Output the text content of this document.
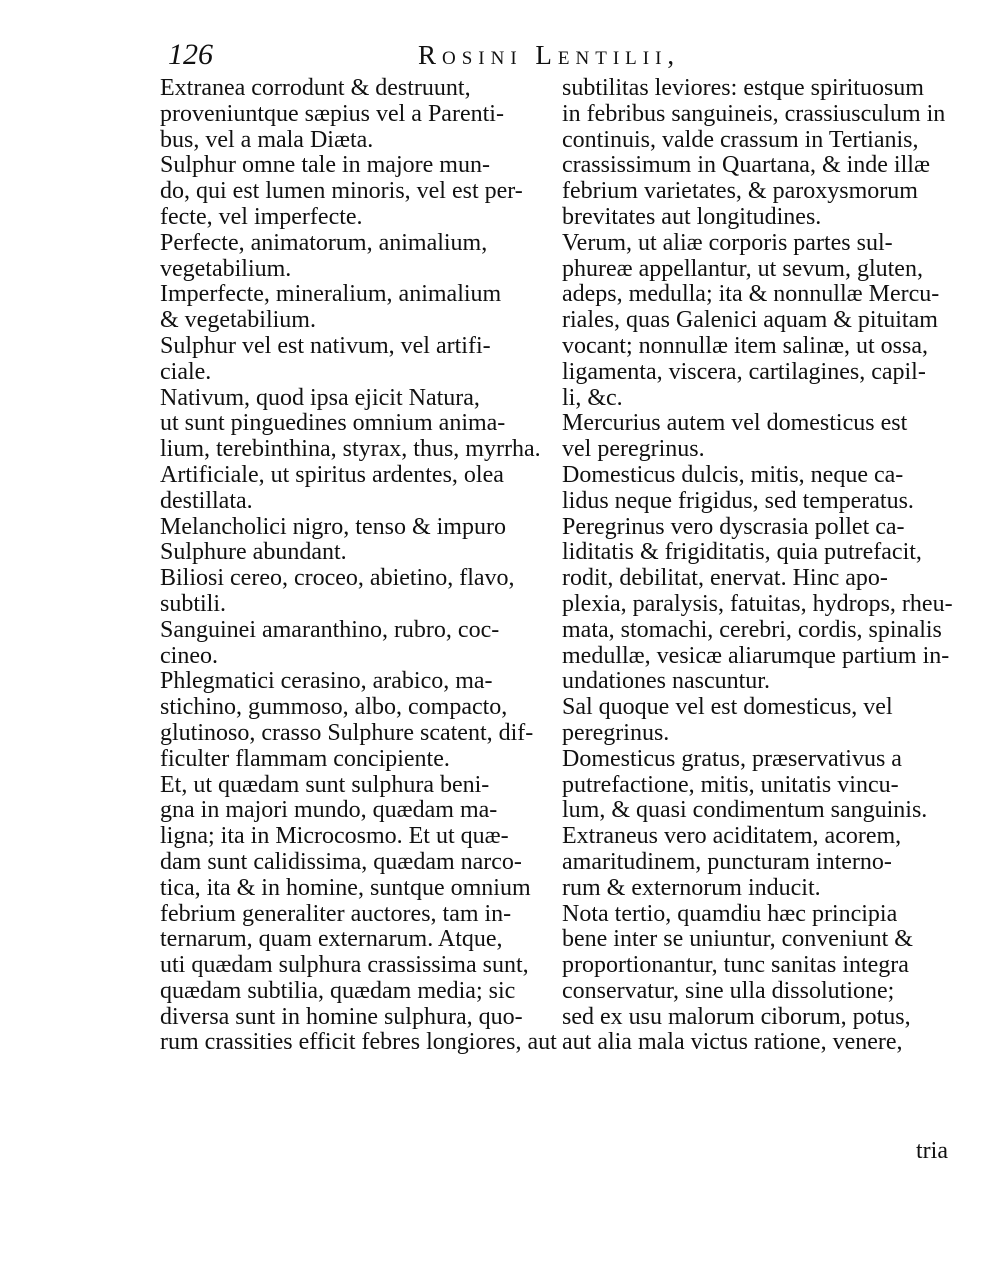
126	Rosini Lentilii,
Extranea corrodunt & destruunt,
proveniuntque sæpius vel a Parenti-
bus, vel a mala Diæta.
Sulphur omne tale in majore mun-
do, qui est lumen minoris, vel est per-
fecte, vel imperfecte.
Perfecte, animatorum, animalium,
vegetabilium.
Imperfecte, mineralium, animalium
& vegetabilium.
Sulphur vel est nativum, vel artifi-
ciale.
Nativum, quod ipsa ejicit Natura,
ut sunt pinguedines omnium anima-
lium, terebinthina, styrax, thus, myrrha.
Artificiale, ut spiritus ardentes, olea
destillata.
Melancholici nigro, tenso & impuro
Sulphure abundant.
Biliosi cereo, croceo, abietino, flavo,
subtili.
Sanguinei amaranthino, rubro, coc-
cineo.
Phlegmatici cerasino, arabico, ma-
stichino, gummoso, albo, compacto,
glutinoso, crasso Sulphure scatent, dif-
ficulter flammam concipiente.
Et, ut quædam sunt sulphura beni-
gna in majori mundo, quædam ma-
ligna; ita in Microcosmo. Et ut quæ-
dam sunt calidissima, quædam narco-
tica, ita & in homine, suntque omnium
febrium generaliter auctores, tam in-
ternarum, quam externarum. Atque,
uti quædam sulphura crassissima sunt,
quædam subtilia, quædam media; sic
diversa sunt in homine sulphura, quo-
rum crassities efficit febres longiores, aut
subtilitas leviores: estque spirituosum
in febribus sanguineis, crassiusculum in
continuis, valde crassum in Tertianis,
crassissimum in Quartana, & inde illæ
febrium varietates, & paroxysmorum
brevitates aut longitudines.
Verum, ut aliæ corporis partes sul-
phureæ appellantur, ut sevum, gluten,
adeps, medulla; ita & nonnullæ Mercu-
riales, quas Galenici aquam & pituitam
vocant; nonnullæ item salinæ, ut ossa,
ligamenta, viscera, cartilagines, capil-
li, &c.
Mercurius autem vel domesticus est
vel peregrinus.
Domesticus dulcis, mitis, neque ca-
lidus neque frigidus, sed temperatus.
Peregrinus vero dyscrasia pollet ca-
liditatis & frigiditatis, quia putrefacit,
rodit, debilitat, enervat. Hinc apo-
plexia, paralysis, fatuitas, hydrops, rheu-
mata, stomachi, cerebri, cordis, spinalis
medullæ, vesicæ aliarumque partium in-
undationes nascuntur.
Sal quoque vel est domesticus, vel
peregrinus.
Domesticus gratus, præservativus a
putrefactione, mitis, unitatis vincu-
lum, & quasi condimentum sanguinis.
Extraneus vero aciditatem, acorem,
amaritudinem, puncturam interno-
rum & externorum inducit.
Nota tertio, quamdiu hæc principia
bene inter se uniuntur, conveniunt &
proportionantur, tunc sanitas integra
conservatur, sine ulla dissolutione;
sed ex usu malorum ciborum, potus,
aut alia mala victus ratione, venere,
tria
